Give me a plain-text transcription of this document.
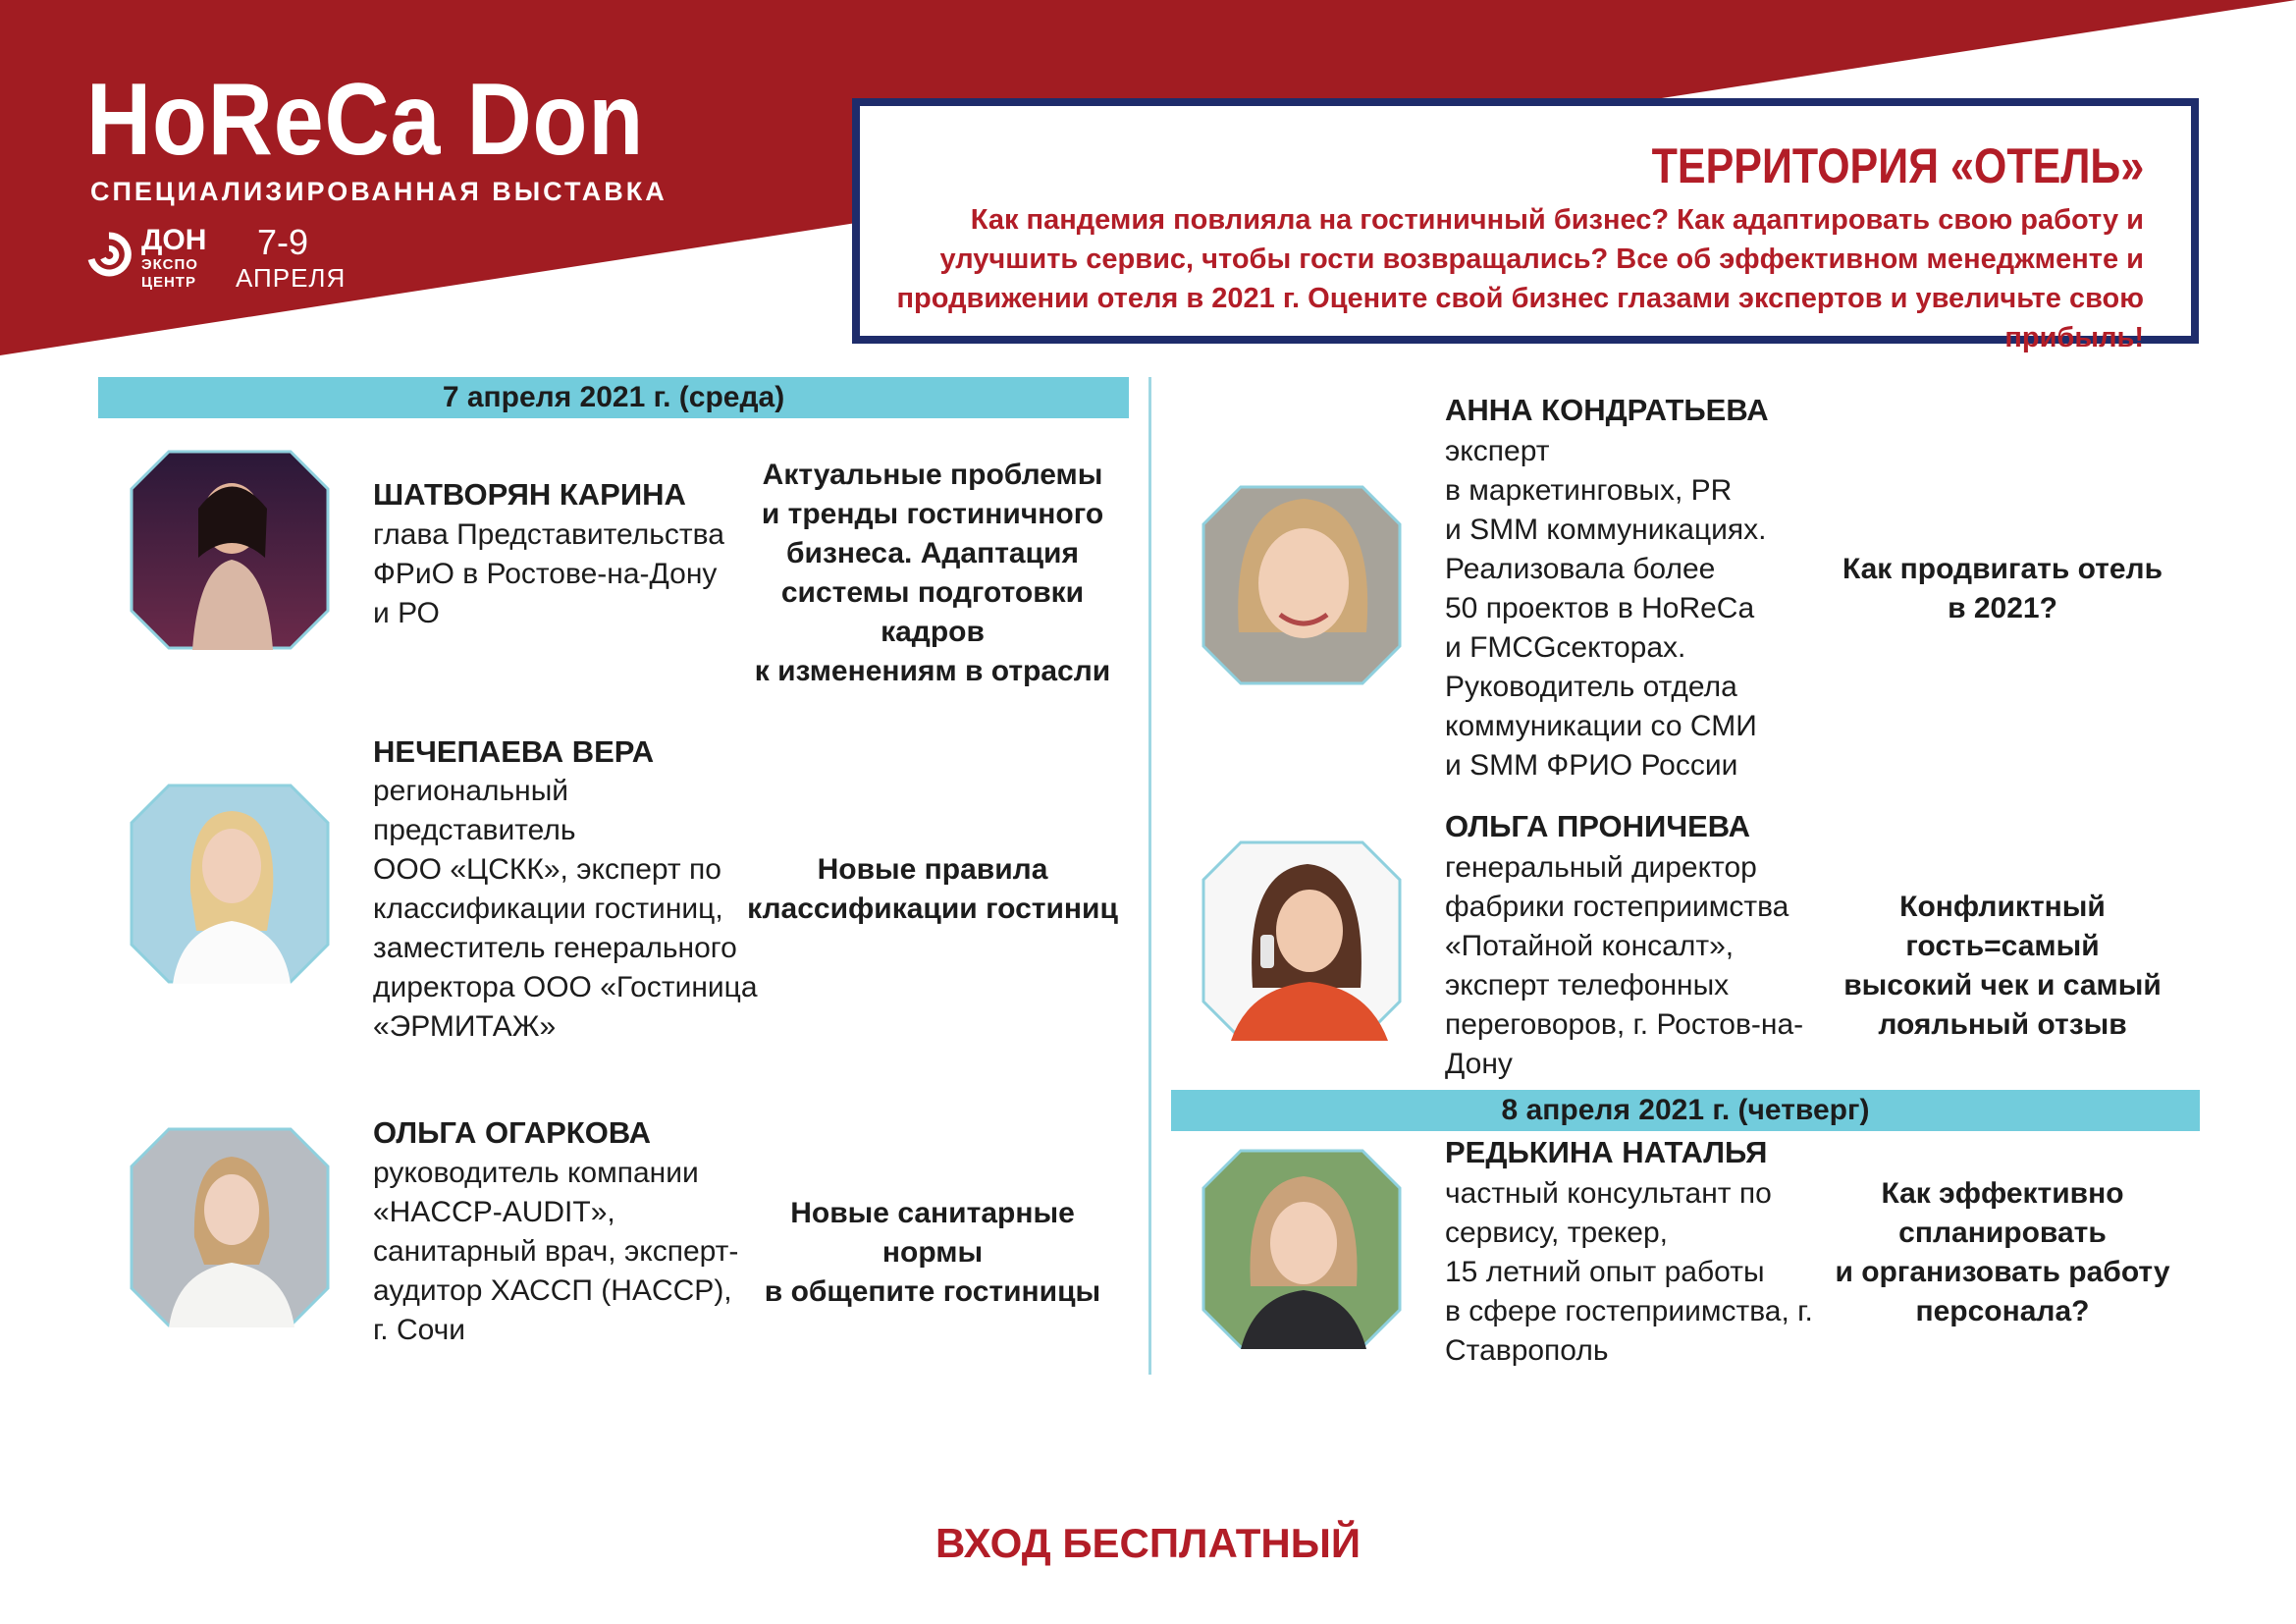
HoReCa Don
СПЕЦИАЛИЗИРОВАННАЯ ВЫСТАВКА
ДОН
ЭКСПО
ЦЕНТР
7-9
АПРЕЛЯ
ТЕРРИТОРИЯ «ОТЕЛЬ»
Как пандемия повлияла на гостиничный бизнес? Как адаптировать свою работу и улучшить сервис, чтобы гости возвращались? Все об эффективном менеджменте и продвижении отеля в 2021 г. Оцените свой бизнес глазами экспертов и увеличьте свою прибыль!
7 апреля 2021 г. (среда)
ШАТВОРЯН КАРИНА
глава Представительства
ФРиО в Ростове-на-Дону
и РО
Актуальные проблемы
и тренды гостиничного
бизнеса. Адаптация
системы подготовки кадров
к изменениям в отрасли
НЕЧЕПАЕВА ВЕРА
региональный
представитель
ООО «ЦСКК», эксперт по
классификации гостиниц,
заместитель генерального
директора ООО «Гостиница
«ЭРМИТАЖ»
Новые правила
классификации гостиниц
ОЛЬГА ОГАРКОВА
руководитель компании
«HACCP-AUDIT»,
санитарный врач, эксперт-
аудитор ХАССП (HACCP),
г. Сочи
Новые санитарные нормы
в общепите гостиницы
АННА КОНДРАТЬЕВА
эксперт
в маркетинговых, PR
и SMM коммуникациях.
Реализовала более
50 проектов в HoReCa
и FMCGсекторах.
Руководитель отдела
коммуникации со СМИ
и SMM ФРИО России
Как продвигать отель
в 2021?
ОЛЬГА ПРОНИЧЕВА
генеральный директор
фабрики гостеприимства
«Потайной консалт»,
эксперт телефонных
переговоров, г. Ростов-на-
Дону
Конфликтный гость=самый
высокий чек и самый
лояльный отзыв
8 апреля 2021 г. (четверг)
РЕДЬКИНА НАТАЛЬЯ
частный консультант по
сервису, трекер,
15 летний опыт работы
в сфере гостеприимства, г.
Ставрополь
Как эффективно
спланировать
и организовать работу
персонала?
ВХОД БЕСПЛАТНЫЙ
